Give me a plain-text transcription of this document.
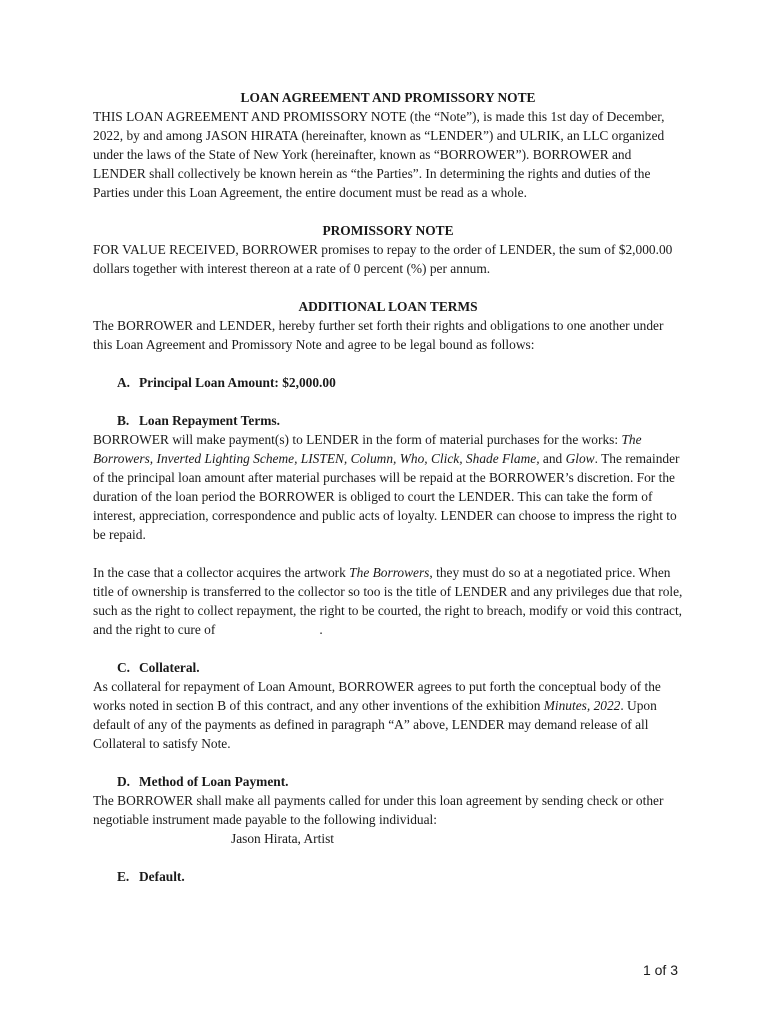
LOAN AGREEMENT AND PROMISSORY NOTE

THIS LOAN AGREEMENT AND PROMISSORY NOTE (the “Note”), is made this 1st day of December, 2022, by and among JASON HIRATA (hereinafter, known as “LENDER”) and ULRIK, an LLC organized under the laws of the State of New York (hereinafter, known as “BORROWER”). BORROWER and LENDER shall collectively be known herein as “the Parties”. In determining the rights and duties of the Parties under this Loan Agreement, the entire document must be read as a whole.

PROMISSORY NOTE

FOR VALUE RECEIVED, BORROWER promises to repay to the order of LENDER, the sum of $2,000.00 dollars together with interest thereon at a rate of 0 percent (%) per annum.

ADDITIONAL LOAN TERMS

The BORROWER and LENDER, hereby further set forth their rights and obligations to one another under this Loan Agreement and Promissory Note and agree to be legal bound as follows:

A. Principal Loan Amount: $2,000.00

B. Loan Repayment Terms.

BORROWER will make payment(s) to LENDER in the form of material purchases for the works: The Borrowers, Inverted Lighting Scheme, LISTEN, Column, Who, Click, Shade Flame, and Glow. The remainder of the principal loan amount after material purchases will be repaid at the BORROWER’s discretion. For the duration of the loan period the BORROWER is obliged to court the LENDER. This can take the form of interest, appreciation, correspondence and public acts of loyalty. LENDER can choose to impress the right to be repaid.

In the case that a collector acquires the artwork The Borrowers, they must do so at a negotiated price. When title of ownership is transferred to the collector so too is the title of LENDER and any privileges due that role, such as the right to collect repayment, the right to be courted, the right to breach, modify or void this contract, and the right to cure of	.

C. Collateral.

As collateral for repayment of Loan Amount, BORROWER agrees to put forth the conceptual body of the works noted in section B of this contract, and any other inventions of the exhibition Minutes, 2022. Upon default of any of the payments as defined in paragraph “A” above, LENDER may demand release of all Collateral to satisfy Note.

D. Method of Loan Payment.

The BORROWER shall make all payments called for under this loan agreement by sending check or other negotiable instrument made payable to the following individual:

Jason Hirata, Artist

E. Default.

1 of 3
